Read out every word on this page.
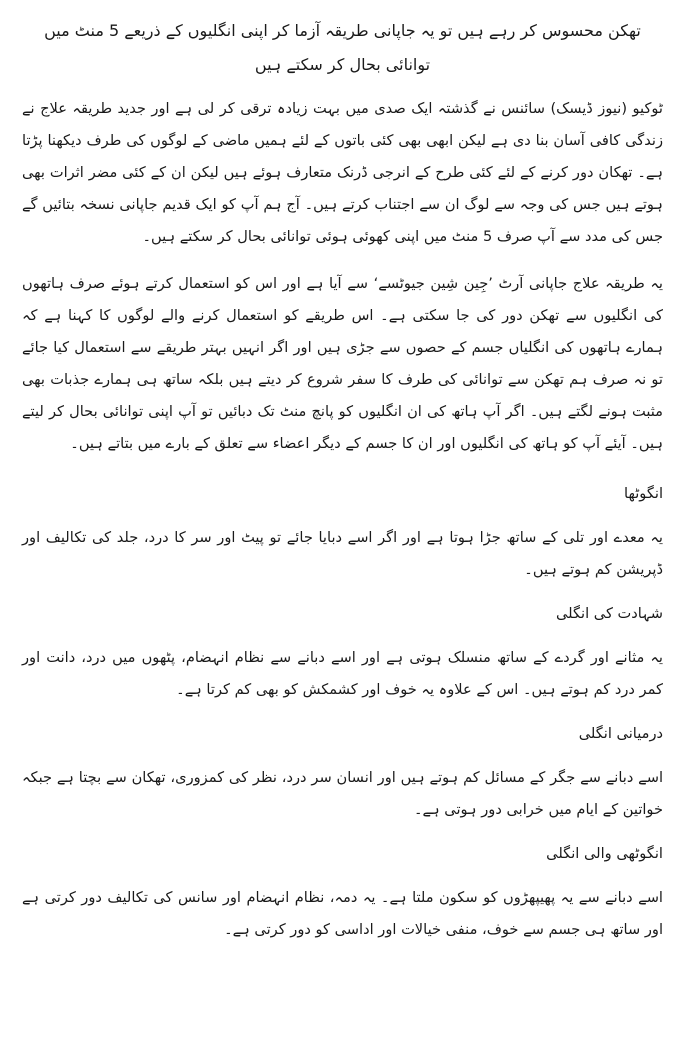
تھکن محسوس کر رہے ہیں تو یہ جاپانی طریقہ آزما کر اپنی انگلیوں کے ذریعے 5 منٹ میں توانائی بحال کر سکتے ہیں

ٹوکیو (نیوز ڈیسک) سائنس نے گذشتہ ایک صدی میں بہت زیادہ ترقی کر لی ہے اور جدید طریقہ علاج نے زندگی کافی آسان بنا دی ہے لیکن ابھی بھی کئی باتوں کے لئے ہمیں ماضی کے لوگوں کی طرف دیکھنا پڑتا ہے۔ تھکان دور کرنے کے لئے کئی طرح کے انرجی ڈرنک متعارف ہوئے ہیں لیکن ان کے کئی مضر اثرات بھی ہوتے ہیں جس کی وجہ سے لوگ ان سے اجتناب کرتے ہیں۔ آج ہم آپ کو ایک قدیم جاپانی نسخہ بتائیں گے جس کی مدد سے آپ صرف 5 منٹ میں اپنی کھوئی ہوئی توانائی بحال کر سکتے ہیں۔

یہ طریقہ علاج جاپانی آرٹ ’جِین شِین جیوٹسے‘ سے آیا ہے اور اس کو استعمال کرتے ہوئے صرف ہاتھوں کی انگلیوں سے تھکن دور کی جا سکتی ہے۔ اس طریقے کو استعمال کرنے والے لوگوں کا کہنا ہے کہ ہمارے ہاتھوں کی انگلیاں جسم کے حصوں سے جڑی ہیں اور اگر انہیں بہتر طریقے سے استعمال کیا جائے تو نہ صرف ہم تھکن سے توانائی کی طرف کا سفر شروع کر دیتے ہیں بلکہ ساتھ ہی ہمارے جذبات بھی مثبت ہونے لگتے ہیں۔ اگر آپ ہاتھ کی ان انگلیوں کو پانچ منٹ تک دبائیں تو آپ اپنی توانائی بحال کر لیتے ہیں۔ آیئے آپ کو ہاتھ کی انگلیوں اور ان کا جسم کے دیگر اعضاء سے تعلق کے بارے میں بتاتے ہیں۔

انگوٹھا

یہ معدے اور تلی کے ساتھ جڑا ہوتا ہے اور اگر اسے دبایا جائے تو پیٹ اور سر کا درد، جلد کی تکالیف اور ڈپریشن کم ہوتے ہیں۔

شہادت کی انگلی

یہ مثانے اور گردے کے ساتھ منسلک ہوتی ہے اور اسے دبانے سے نظام انہضام، پٹھوں میں درد، دانت اور کمر درد کم ہوتے ہیں۔ اس کے علاوہ یہ خوف اور کشمکش کو بھی کم کرتا ہے۔

درمیانی انگلی

اسے دبانے سے جگر کے مسائل کم ہوتے ہیں اور انسان سر درد، نظر کی کمزوری، تھکان سے بچتا ہے جبکہ خواتین کے ایام میں خرابی دور ہوتی ہے۔

انگوٹھی والی انگلی

اسے دبانے سے یہ پھیپھڑوں کو سکون ملتا ہے۔ یہ دمہ، نظام انہضام اور سانس کی تکالیف دور کرتی ہے اور ساتھ ہی جسم سے خوف، منفی خیالات اور اداسی کو دور کرتی ہے۔
